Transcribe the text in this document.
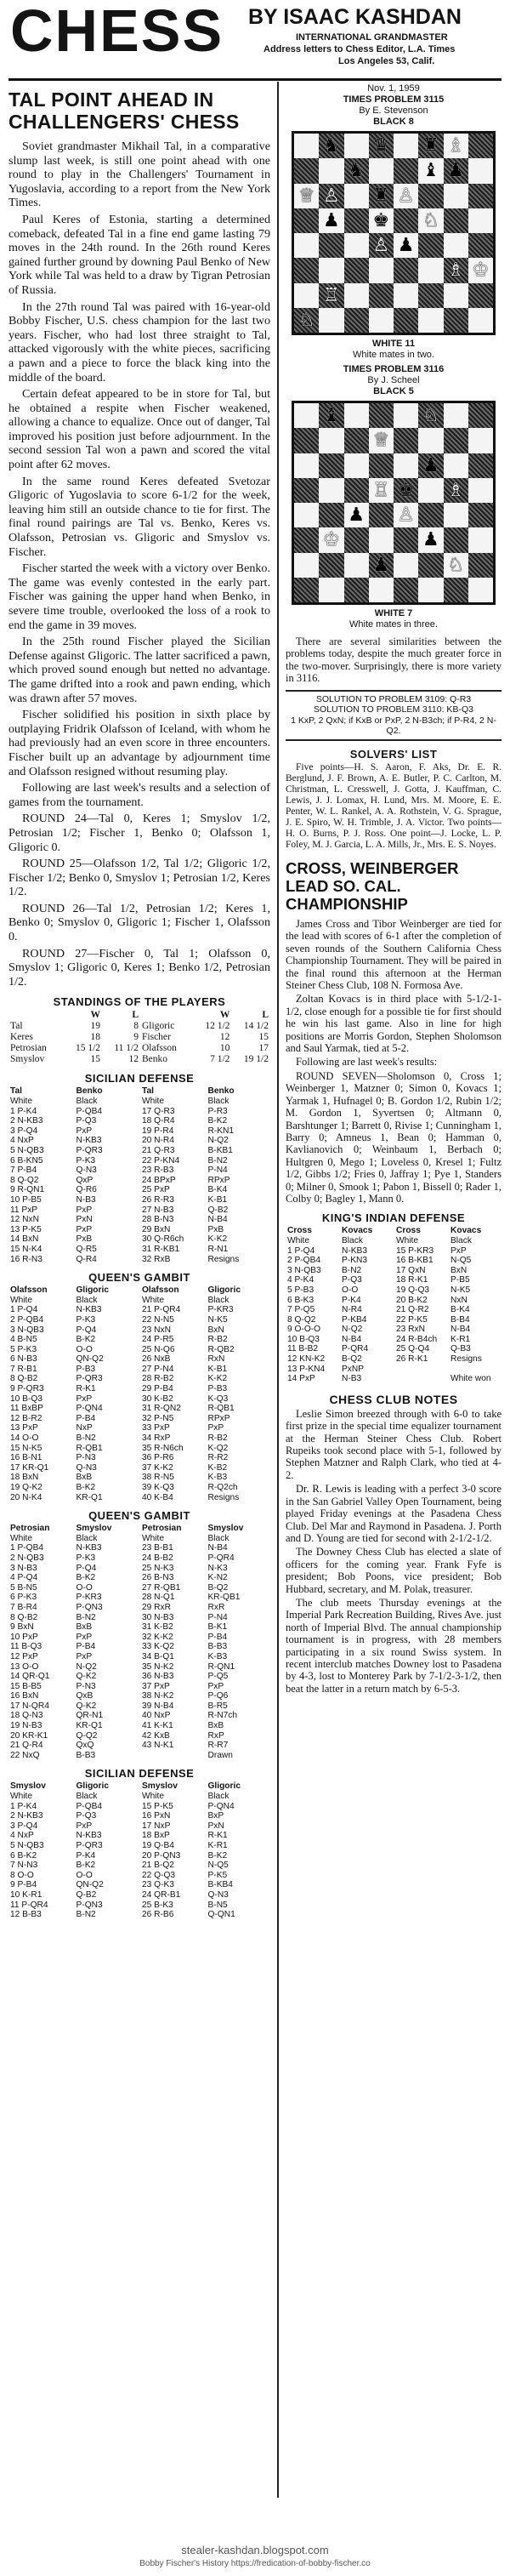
CHESS BY ISAAC KASHDAN
INTERNATIONAL GRANDMASTER
Address letters to Chess Editor, L.A. Times
Los Angeles 53, Calif.
TAL POINT AHEAD IN CHALLENGERS' CHESS

Soviet grandmaster Mikhail Tal, in a comparative slump last week, is still one point ahead with one round to play in the Challengers' Tournament in Yugoslavia, according to a report from the New York Times.

Paul Keres of Estonia, starting a determined comeback, defeated Tal in a fine end game lasting 79 moves in the 24th round. In the 26th round Keres gained further ground by downing Paul Benko of New York while Tal was held to a draw by Tigran Petrosian of Russia.

In the 27th round Tal was paired with 16-year-old Bobby Fischer, U.S. chess champion for the last two years. Fischer, who had lost three straight to Tal, attacked vigorously with the white pieces, sacrificing a pawn and a piece to force the black king into the middle of the board.

Certain defeat appeared to be in store for Tal, but he obtained a respite when Fischer weakened, allowing a chance to equalize. Once out of danger, Tal improved his position just before adjournment. In the second session Tal won a pawn and scored the vital point after 62 moves.

In the same round Keres defeated Svetozar Gligoric of Yugoslavia to score 6-1/2 for the week, leaving him still an outside chance to tie for first. The final round pairings are Tal vs. Benko, Keres vs. Olafsson, Petrosian vs. Gligoric and Smyslov vs. Fischer.

Fischer started the week with a victory over Benko. The game was evenly contested in the early part. Fischer was gaining the upper hand when Benko, in severe time trouble, overlooked the loss of a rook to end the game in 39 moves.

In the 25th round Fischer played the Sicilian Defense against Gligoric. The latter sacrificed a pawn, which proved sound enough but netted no advantage. The game drifted into a rook and pawn ending, which was drawn after 57 moves.

Fischer solidified his position in sixth place by outplaying Fridrik Olafsson of Iceland, with whom he had previously had an even score in three encounters. Fischer built up an advantage by adjournment time and Olafsson resigned without resuming play.

Following are last week's results and a selection of games from the tournament.

ROUND 24—Tal 0, Keres 1; Smyslov 1/2, Petrosian 1/2; Fischer 1, Benko 0; Olafsson 1, Gligoric 0.

ROUND 25—Olafsson 1/2, Tal 1/2; Gligoric 1/2, Fischer 1/2; Benko 0, Smyslov 1; Petrosian 1/2, Keres 1/2.

ROUND 26—Tal 1/2, Petrosian 1/2; Keres 1, Benko 0; Smyslov 0, Gligoric 1; Fischer 1, Olafsson 0.

ROUND 27—Fischer 0, Tal 1; Olafsson 0, Smyslov 1; Gligoric 0, Keres 1; Benko 1/2, Petrosian 1/2.

STANDINGS OF THE PLAYERS
	W	L		W	L
Tal	19	8	Gligoric	12 1/2	14 1/2
Keres	18	9	Fischer	12	15
Petrosian	15 1/2	11 1/2	Olafsson	10	17
Smyslov	15	12	Benko	7 1/2	19 1/2
SICILIAN DEFENSE
Tal	Benko	Tal	Benko
White	Black	White	Black
1 P-K4	P-QB4	17 Q-R3	P-R3
2 N-KB3	P-Q3	18 Q-R4	B-K2
3 P-Q4	PxP	19 P-R4	R-KN1
4 NxP	N-KB3	20 N-R4	N-Q2
5 N-QB3	P-QR3	21 Q-R3	B-KB1
6 B-KN5	P-K3	22 P-KN4	B-N2
7 P-B4	Q-N3	23 R-B3	P-N4
8 Q-Q2	QxP	24 BPxP	RPxP
9 R-QN1	Q-R6	25 PxP	B-K4
10 P-B5	N-B3	26 R-R3	K-B1
11 PxP	PxP	27 N-B3	Q-B2
12 NxN	PxN	28 B-N3	N-B4
13 P-K5	PxP	29 BxN	PxB
14 BxN	PxB	30 Q-R6ch	K-K2
15 N-K4	Q-R5	31 R-KB1	R-N1
16 R-N3	Q-R4	32 RxB	Resigns
QUEEN'S GAMBIT
Olafsson	Gligoric	Olafsson	Gligoric
White	Black	White	Black
1 P-Q4	N-KB3	21 P-QR4	P-KR3
2 P-QB4	P-K3	22 N-N5	N-K5
3 N-QB3	P-Q4	23 NxN	BxN
4 B-N5	B-K2	24 P-R5	R-B2
5 P-K3	O-O	25 N-Q6	R-QB2
6 N-B3	QN-Q2	26 NxB	RxN
7 R-B1	P-B3	27 P-N4	K-B1
8 Q-B2	P-QR3	28 R-B2	K-K2
9 P-QR3	R-K1	29 P-B4	P-B3
10 B-Q3	PxP	30 K-B2	K-Q3
11 BxBP	P-QN4	31 R-QN2	R-QB1
12 B-R2	P-B4	32 P-N5	RPxP
13 PxP	NxP	33 PxP	PxP
14 O-O	B-N2	34 RxP	R-B2
15 N-K5	R-QB1	35 R-N6ch	K-Q2
16 B-N1	P-N3	36 P-R6	R-R2
17 KR-Q1	Q-N3	37 K-K2	K-B2
18 BxN	BxB	38 R-N5	K-B3
19 Q-K2	B-K2	39 K-Q3	R-Q2ch
20 N-K4	KR-Q1	40 K-B4	Resigns
QUEEN'S GAMBIT
Petrosian	Smyslov	Petrosian	Smyslov
White	Black	White	Black
1 P-QB4	N-KB3	23 B-B1	N-B4
2 N-QB3	P-K3	24 B-B2	P-QR4
3 N-B3	P-Q4	25 N-K3	N-K3
4 P-Q4	B-K2	26 B-N3	K-N2
5 B-N5	O-O	27 R-QB1	B-Q2
6 P-K3	P-KR3	28 N-Q1	KR-QB1
7 B-R4	P-QN3	29 RxR	RxR
8 Q-B2	B-N2	30 N-B3	P-N4
9 BxN	BxB	31 K-B2	B-K1
10 PxP	PxP	32 K-K2	P-B4
11 B-Q3	P-B4	33 K-Q2	B-B3
12 PxP	PxP	34 B-Q1	K-B3
13 O-O	N-Q2	35 N-K2	R-QN1
14 QR-Q1	Q-K2	36 N-B3	P-Q5
15 B-B5	P-N3	37 PxP	PxP
16 BxN	QxB	38 N-K2	P-Q6
17 N-QR4	Q-K2	39 N-B4	B-R5
18 Q-N3	QR-N1	40 NxP	R-N7ch
19 N-B3	KR-Q1	41 K-K1	BxB
20 KR-K1	Q-Q2	42 KxB	RxP
21 Q-R4	QxQ	43 N-K1	R-R7
22 NxQ	B-B3	Drawn
SICILIAN DEFENSE
Smyslov	Gligoric	Smyslov	Gligoric
White	Black	White	Black
1 P-K4	P-QB4	15 P-K5	P-QN4
2 N-KB3	P-Q3	16 PxN	BxP
3 P-Q4	PxP	17 NxP	PxN
4 NxP	N-KB3	18 BxP	R-K1
5 N-QB3	P-QR3	19 Q-B4	K-R1
6 B-K2	P-K4	20 P-QN3	B-K2
7 N-N3	B-K2	21 B-Q2	N-Q5
8 O-O	O-O	22 Q-Q3	P-K5
9 P-B4	QN-Q2	23 Q-K3	B-KB4
10 K-R1	Q-B2	24 QR-B1	Q-N3
11 P-QR4	P-QN3	25 B-K3	B-N5
12 B-B3	B-N2	26 R-B6	Q-QN1
Nov. 1, 1959
TIMES PROBLEM 3115
By E. Stevenson
BLACK 8
♞ ♛ ♜ ♗
♞	♝ ♟
♕ ♙ ♜ ♙
♟ ♚ ♘
♙ ♟
♗ ♔
♖
♘
WHITE 11
White mates in two.
TIMES PROBLEM 3116
By J. Scheel
BLACK 5
♝	♘
♕
♟
♖ ♚ ♗
♟ ♙
♔	♟
♟	♘
WHITE 7
White mates in three.

There are several similarities between the problems today, despite the much greater force in the two-mover. Surprisingly, there is more variety in 3116.

SOLUTION TO PROBLEM 3109: Q-R3
SOLUTION TO PROBLEM 3110: KB-Q3
1 KxP, 2 QxN; if KxB or PxP, 2 N-B3ch; if P-R4, 2 N-Q2.
SOLVERS' LIST

Five points—H. S. Aaron, F. Aks, Dr. E. R. Berglund, J. F. Brown, A. E. Butler, P. C. Carlton, M. Christman, L. Cresswell, J. Gotta, J. Kauffman, C. Lewis, J. J. Lomax, H. Lund, Mrs. M. Moore, E. E. Penter, W. L. Rankel, A. A. Rothstein, V. G. Sprague, J. E. Spiro, W. H. Trimble, J. A. Victor. Two points—H. O. Burns, P. J. Ross. One point—J. Locke, L. P. Foley, M. J. Garcia, L. A. Mills, Jr., Mrs. E. S. Noyes.

CROSS, WEINBERGER LEAD SO. CAL. CHAMPIONSHIP

James Cross and Tibor Weinberger are tied for the lead with scores of 6-1 after the completion of seven rounds of the Southern California Chess Championship Tournament. They will be paired in the final round this afternoon at the Herman Steiner Chess Club, 108 N. Formosa Ave.

Zoltan Kovacs is in third place with 5-1/2-1-1/2, close enough for a possible tie for first should he win his last game. Also in line for high positions are Morris Gordon, Stephen Sholomson and Saul Yarmak, tied at 5-2.

Following are last week's results:

ROUND SEVEN—Sholomson 0, Cross 1; Weinberger 1, Matzner 0; Simon 0, Kovacs 1; Yarmak 1, Hufnagel 0; B. Gordon 1/2, Rubin 1/2; M. Gordon 1, Syvertsen 0; Altmann 0, Barshtunger 1; Barrett 0, Rivise 1; Cunningham 1, Barry 0; Amneus 1, Bean 0; Hamman 0, Kavlianovich 0; Weinbaum 1, Berbach 0; Hultgren 0, Mego 1; Loveless 0, Kresel 1; Fultz 1/2, Gibbs 1/2; Fries 0, Jaffray 1; Pye 1, Standers 0; Milner 0, Smook 1; Pabon 1, Bissell 0; Rader 1, Colby 0; Bagley 1, Mann 0.

KING'S INDIAN DEFENSE
Cross	Kovacs	Cross	Kovacs
White	Black	White	Black
1 P-Q4	N-KB3	15 P-KR3	PxP
2 P-QB4	P-KN3	16 B-KB1	N-Q5
3 N-QB3	B-N2	17 QxN	BxN
4 P-K4	P-Q3	18 R-K1	P-B5
5 P-B3	O-O	19 Q-Q3	N-K5
6 B-K3	P-K4	20 B-K2	NxN
7 P-Q5	N-R4	21 Q-R2	B-K4
8 Q-Q2	P-KB4	22 P-K5	B-B4
9 O-O-O	N-Q2	23 RxN	N-B4
10 B-Q3	N-B4	24 R-B4ch	K-R1
11 B-B2	P-QR4	25 Q-Q4	Q-B3
12 KN-K2	B-Q2	26 R-K1	Resigns
13 P-KN4	PxNP
14 PxP	N-B3	White won
CHESS CLUB NOTES

Leslie Simon breezed through with 6-0 to take first prize in the special time equalizer tournament at the Herman Steiner Chess Club. Robert Rupeiks took second place with 5-1, followed by Stephen Matzner and Ralph Clark, who tied at 4-2.

Dr. R. Lewis is leading with a perfect 3-0 score in the San Gabriel Valley Open Tournament, being played Friday evenings at the Pasadena Chess Club. Del Mar and Raymond in Pasadena. J. Porth and D. Young are tied for second with 2-1/2-1/2.

The Downey Chess Club has elected a slate of officers for the coming year. Frank Fyfe is president; Bob Poons, vice president; Bob Hubbard, secretary, and M. Polak, treasurer.

The club meets Thursday evenings at the Imperial Park Recreation Building, Rives Ave. just north of Imperial Blvd. The annual championship tournament is in progress, with 28 members participating in a six round Swiss system. In recent interclub matches Downey lost to Pasadena by 4-3, lost to Monterey Park by 7-1/2-3-1/2, then beat the latter in a return match by 6-5-3.

stealer-kashdan.blogspot.com
Bobby Fischer's History https://fredication-of-bobby-fischer.co
